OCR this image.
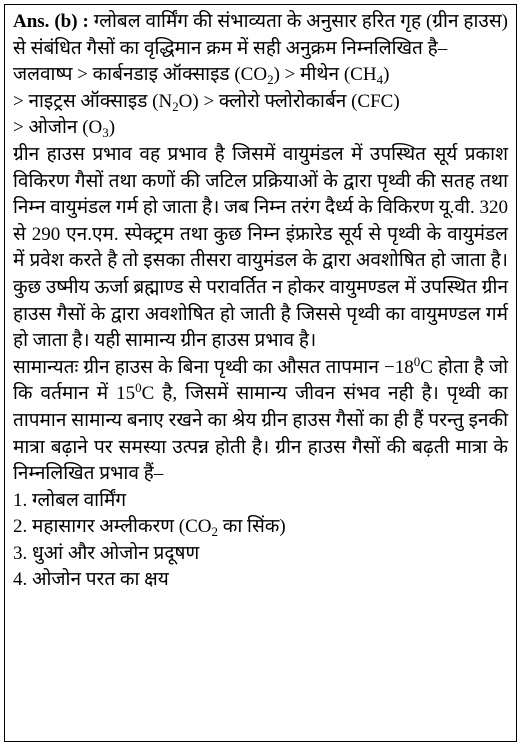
Ans. (b) : ग्लोबल वार्मिंग की संभाव्यता के अनुसार हरित गृह (ग्रीन हाउस) से संबंधित गैसों का वृद्धिमान क्रम में सही अनुक्रम निम्नलिखित है–

जलवाष्प > कार्बनडाइ ऑक्साइड $(CO_2)$ > मीथेन $(CH_4)$
> नाइट्रस ऑक्साइड $(N_2O)$ > क्लोरो फ्लोरोकार्बन (CFC)
> ओजोन $(O_3)$

ग्रीन हाउस प्रभाव वह प्रभाव है जिसमें वायुमंडल में उपस्थित सूर्य प्रकाश विकिरण गैसों तथा कणों की जटिल प्रक्रियाओं के द्वारा पृथ्वी की सतह तथा निम्न वायुमंडल गर्म हो जाता है। जब निम्न तरंग दैर्ध्य के विकिरण यू.वी. 320 से 290 एन.एम. स्पेक्ट्रम तथा कुछ निम्न इंफ्रारेड सूर्य से पृथ्वी के वायुमंडल में प्रवेश करते है तो इसका तीसरा वायुमंडल के द्वारा अवशोषित हो जाता है। कुछ उष्मीय ऊर्जा ब्रह्माण्ड से परावर्तित न होकर वायुमण्डल में उपस्थित ग्रीन हाउस गैसों के द्वारा अवशोषित हो जाती है जिससे पृथ्वी का वायुमण्डल गर्म हो जाता है। यही सामान्य ग्रीन हाउस प्रभाव है।

सामान्यतः ग्रीन हाउस के बिना पृथ्वी का औसत तापमान $-18^0C$ होता है जो कि वर्तमान में $15^0C$ है, जिसमें सामान्य जीवन संभव नही है। पृथ्वी का तापमान सामान्य बनाए रखने का श्रेय ग्रीन हाउस गैसों का ही हैं परन्तु इनकी मात्रा बढ़ाने पर समस्या उत्पन्न होती है। ग्रीन हाउस गैसों की बढ़ती मात्रा के निम्नलिखित प्रभाव हैं–

1. ग्लोबल वार्मिंग
2. महासागर अम्लीकरण ($CO_2$ का सिंक)
3. धुआं और ओजोन प्रदूषण
4. ओजोन परत का क्षय
